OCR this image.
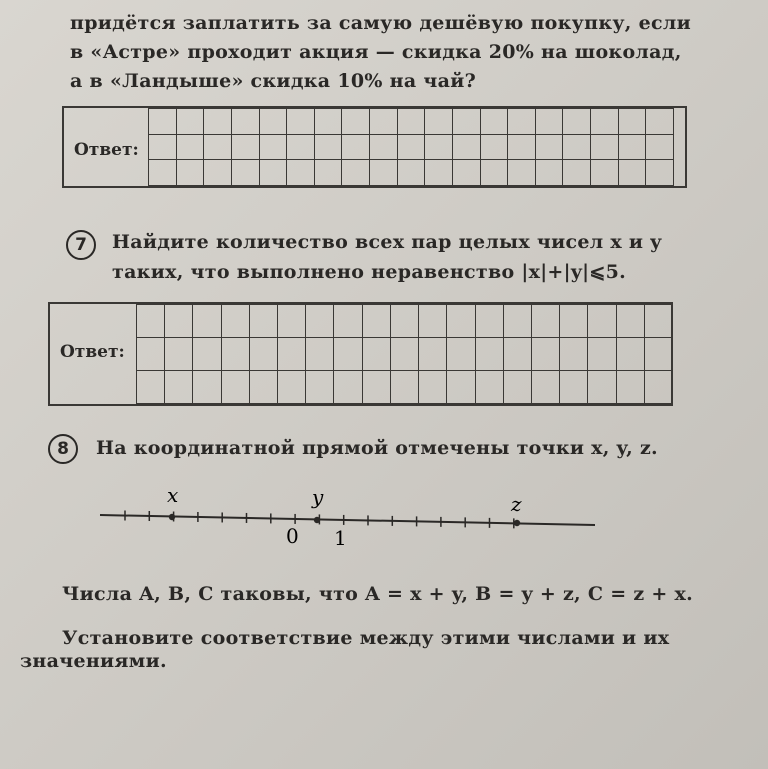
придётся заплатить за самую дешёвую покупку, если
в «Астре» проходит акция — скидка 20% на шоколад,
а в «Ландыше» скидка 10% на чай?
Ответ:
7	Найдите количество всех пар целых чисел x и y
таких, что выполнено неравенство |x|+|y|⩽5.
Ответ:
8	На координатной прямой отмечены точки x, y, z.
x	y	z
0 1
Числа A, B, C таковы, что A = x + y, B = y + z, C = z + x.
Установите соответствие между этими числами и их
значениями.
